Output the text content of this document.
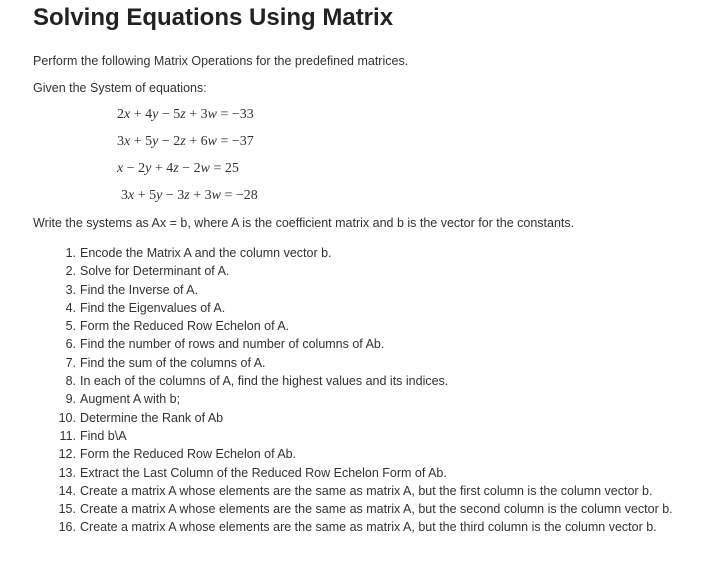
Solving Equations Using Matrix

Perform the following Matrix Operations for the predefined matrices.

Given the System of equations:

2x + 4y − 5z + 3w = −33

3x + 5y − 2z + 6w = −37

x − 2y + 4z − 2w = 25

3x + 5y − 3z + 3w = −28

Write the systems as Ax = b, where A is the coefficient matrix and b is the vector for the constants.

1. Encode the Matrix A and the column vector b.
2. Solve for Determinant of A.
3. Find the Inverse of A.
4. Find the Eigenvalues of A.
5. Form the Reduced Row Echelon of A.
6. Find the number of rows and number of columns of Ab.
7. Find the sum of the columns of A.
8. In each of the columns of A, find the highest values and its indices.
9. Augment A with b;
10. Determine the Rank of Ab
11. Find b\A
12. Form the Reduced Row Echelon of Ab.
13. Extract the Last Column of the Reduced Row Echelon Form of Ab.
14. Create a matrix A whose elements are the same as matrix A, but the first column is the column vector b.
15. Create a matrix A whose elements are the same as matrix A, but the second column is the column vector b.
16. Create a matrix A whose elements are the same as matrix A, but the third column is the column vector b.
